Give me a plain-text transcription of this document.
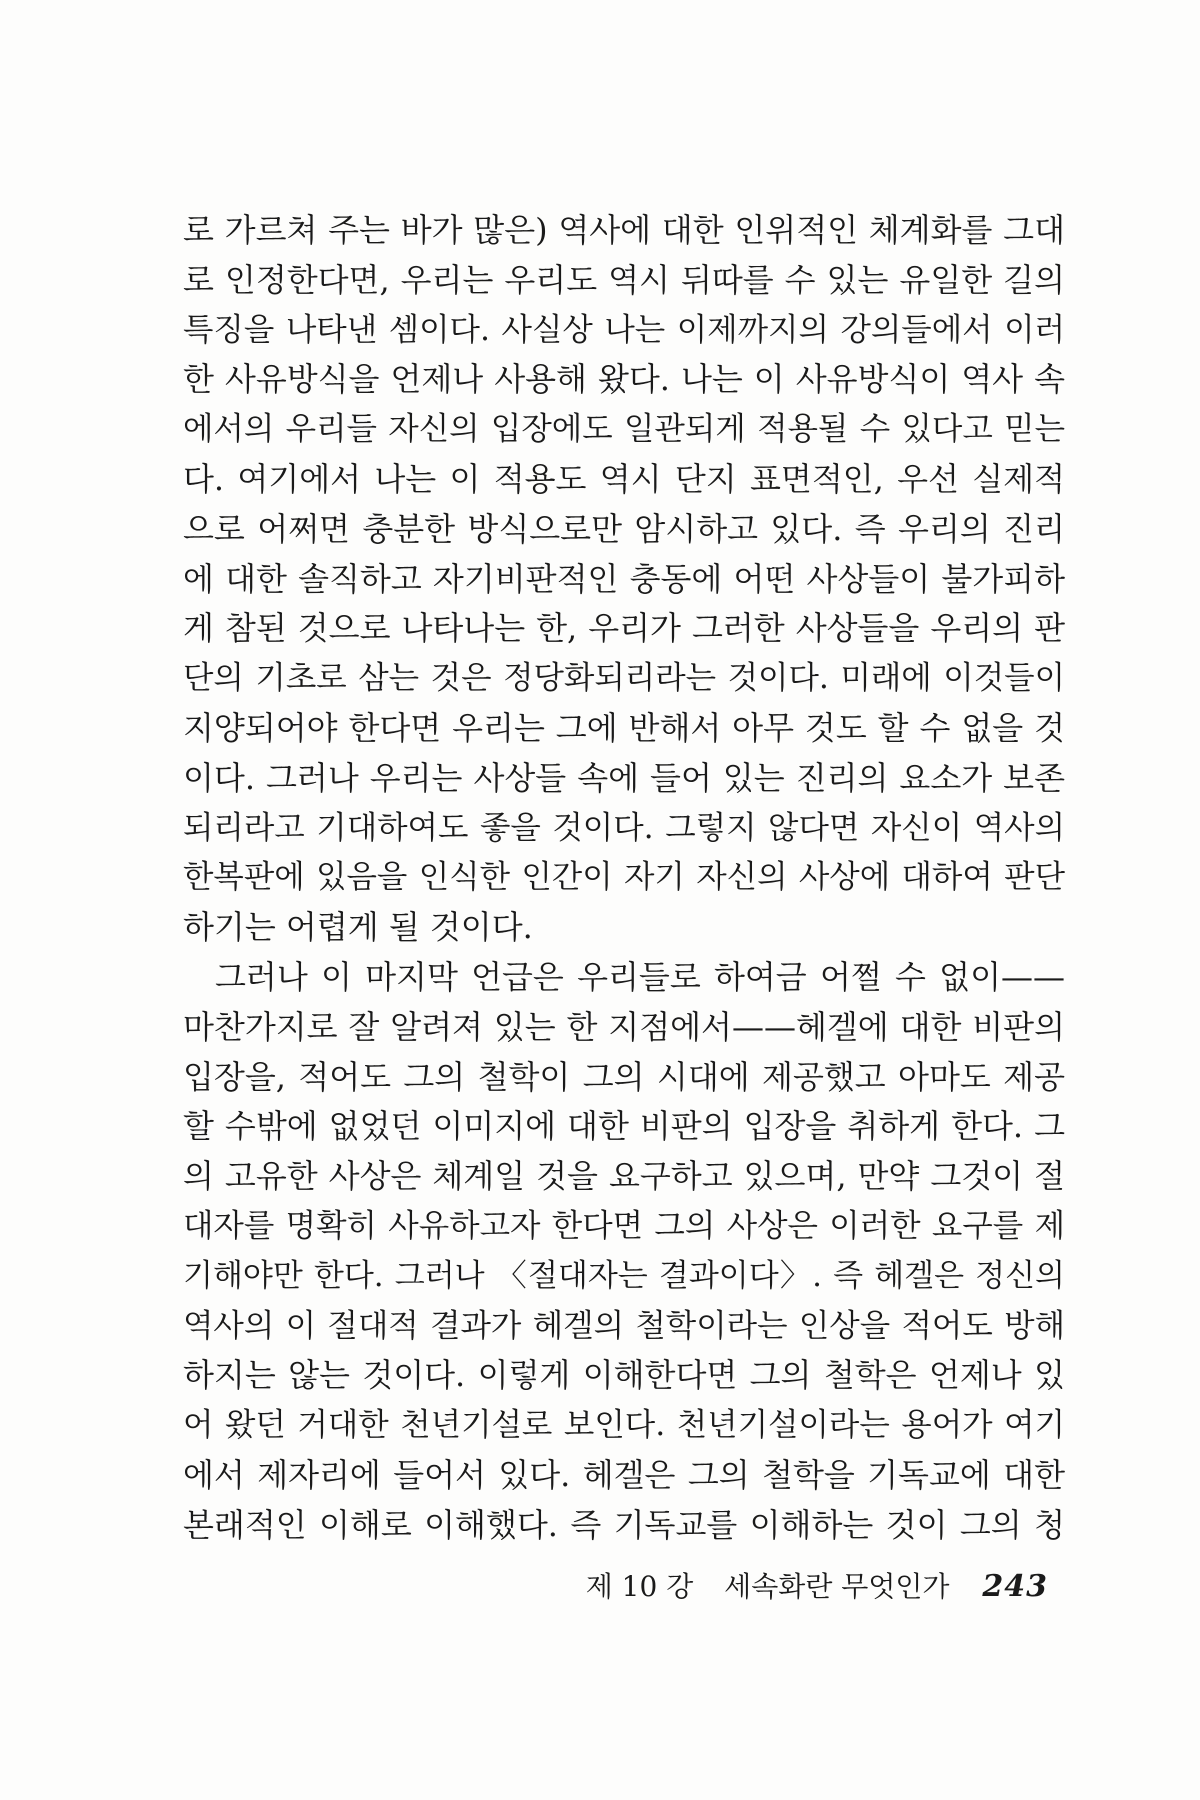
로 가르쳐 주는 바가 많은) 역사에 대한 인위적인 체계화를 그대
로 인정한다면, 우리는 우리도 역시 뒤따를 수 있는 유일한 길의
특징을 나타낸 셈이다. 사실상 나는 이제까지의 강의들에서 이러
한 사유방식을 언제나 사용해 왔다. 나는 이 사유방식이 역사 속
에서의 우리들 자신의 입장에도 일관되게 적용될 수 있다고 믿는
다. 여기에서 나는 이 적용도 역시 단지 표면적인, 우선 실제적
으로 어쩌면 충분한 방식으로만 암시하고 있다. 즉 우리의 진리
에 대한 솔직하고 자기비판적인 충동에 어떤 사상들이 불가피하
게 참된 것으로 나타나는 한, 우리가 그러한 사상들을 우리의 판
단의 기초로 삼는 것은 정당화되리라는 것이다. 미래에 이것들이
지양되어야 한다면 우리는 그에 반해서 아무 것도 할 수 없을 것
이다. 그러나 우리는 사상들 속에 들어 있는 진리의 요소가 보존
되리라고 기대하여도 좋을 것이다. 그렇지 않다면 자신이 역사의
한복판에 있음을 인식한 인간이 자기 자신의 사상에 대하여 판단
하기는 어렵게 될 것이다.
그러나 이 마지막 언급은 우리들로 하여금 어쩔 수 없이——
마찬가지로 잘 알려져 있는 한 지점에서——헤겔에 대한 비판의
입장을, 적어도 그의 철학이 그의 시대에 제공했고 아마도 제공
할 수밖에 없었던 이미지에 대한 비판의 입장을 취하게 한다. 그
의 고유한 사상은 체계일 것을 요구하고 있으며, 만약 그것이 절
대자를 명확히 사유하고자 한다면 그의 사상은 이러한 요구를 제
기해야만 한다. 그러나 〈절대자는 결과이다〉. 즉 헤겔은 정신의
역사의 이 절대적 결과가 헤겔의 철학이라는 인상을 적어도 방해
하지는 않는 것이다. 이렇게 이해한다면 그의 철학은 언제나 있
어 왔던 거대한 천년기설로 보인다. 천년기설이라는 용어가 여기
에서 제자리에 들어서 있다. 헤겔은 그의 철학을 기독교에 대한
본래적인 이해로 이해했다. 즉 기독교를 이해하는 것이 그의 청
제 10 강 세속화란 무엇인가 243
